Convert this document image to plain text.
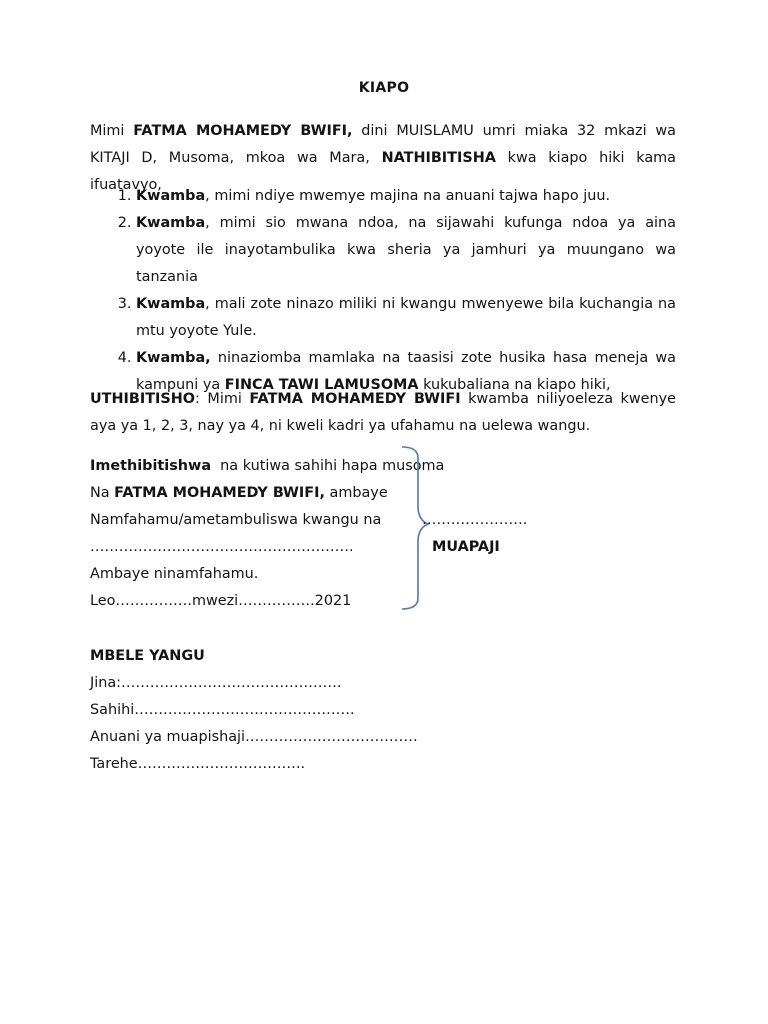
KIAPO

Mimi FATMA MOHAMEDY BWIFI, dini MUISLAMU umri miaka 32 mkazi wa KITAJI D, Musoma, mkoa wa Mara, NATHIBITISHA kwa kiapo hiki kama ifuatavyo,

1. Kwamba, mimi ndiye mwemye majina na anuani tajwa hapo juu.
2. Kwamba, mimi sio mwana ndoa, na sijawahi kufunga ndoa ya aina yoyote ile inayotambulika kwa sheria ya jamhuri ya muungano wa tanzania
3. Kwamba, mali zote ninazo miliki ni kwangu mwenyewe bila kuchangia na mtu yoyote Yule.
4. Kwamba, ninaziomba mamlaka na taasisi zote husika hasa meneja wa kampuni ya FINCA TAWI LAMUSOMA kukubaliana na kiapo hiki,

UTHIBITISHO: Mimi FATMA MOHAMEDY BWIFI kwamba niliyoeleza kwenye aya ya 1, 2, 3, nay ya 4, ni kweli kadri ya ufahamu na uelewa wangu.

Imethibitishwa  na kutiwa sahihi hapa musoma
Na FATMA MOHAMEDY BWIFI, ambaye
Namfahamu/ametambuliswa kwangu na
……………………………………………….
Ambaye ninamfahamu.
Leo…………….mwezi…………….2021
………………….
MUAPAJI
MBELE YANGU
Jina:……………………………………….
Sahihi……………………………………….
Anuani ya muapishaji………………………………
Tarehe……………………………..
